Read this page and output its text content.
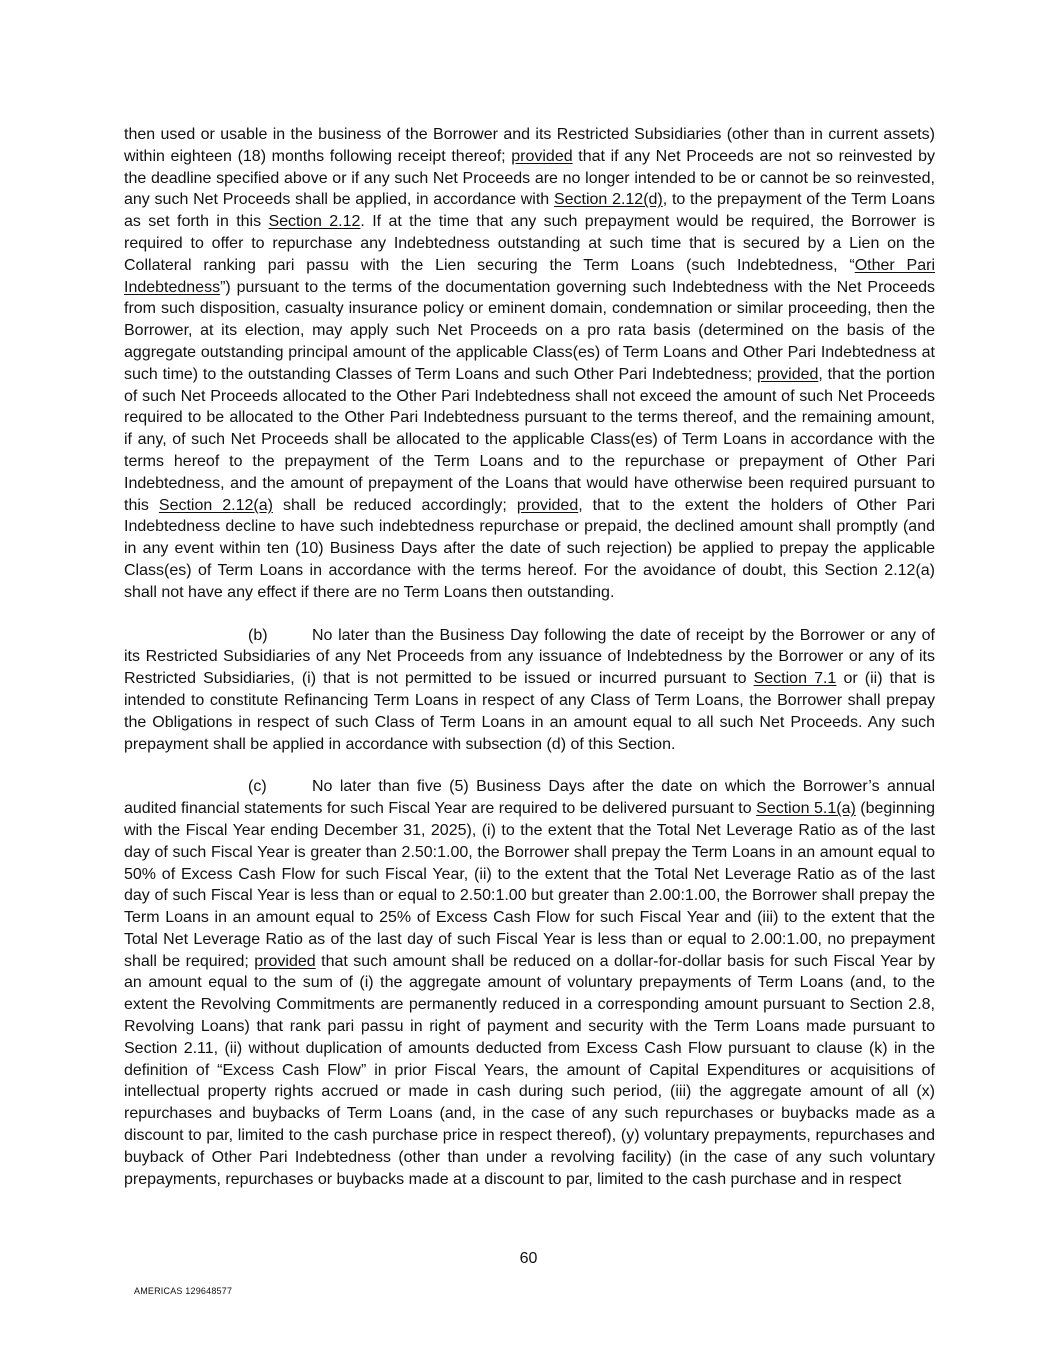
then used or usable in the business of the Borrower and its Restricted Subsidiaries (other than in current assets) within eighteen (18) months following receipt thereof; provided that if any Net Proceeds are not so reinvested by the deadline specified above or if any such Net Proceeds are no longer intended to be or cannot be so reinvested, any such Net Proceeds shall be applied, in accordance with Section 2.12(d), to the prepayment of the Term Loans as set forth in this Section 2.12. If at the time that any such prepayment would be required, the Borrower is required to offer to repurchase any Indebtedness outstanding at such time that is secured by a Lien on the Collateral ranking pari passu with the Lien securing the Term Loans (such Indebtedness, “Other Pari Indebtedness”) pursuant to the terms of the documentation governing such Indebtedness with the Net Proceeds from such disposition, casualty insurance policy or eminent domain, condemnation or similar proceeding, then the Borrower, at its election, may apply such Net Proceeds on a pro rata basis (determined on the basis of the aggregate outstanding principal amount of the applicable Class(es) of Term Loans and Other Pari Indebtedness at such time) to the outstanding Classes of Term Loans and such Other Pari Indebtedness; provided, that the portion of such Net Proceeds allocated to the Other Pari Indebtedness shall not exceed the amount of such Net Proceeds required to be allocated to the Other Pari Indebtedness pursuant to the terms thereof, and the remaining amount, if any, of such Net Proceeds shall be allocated to the applicable Class(es) of Term Loans in accordance with the terms hereof to the prepayment of the Term Loans and to the repurchase or prepayment of Other Pari Indebtedness, and the amount of prepayment of the Loans that would have otherwise been required pursuant to this Section 2.12(a) shall be reduced accordingly; provided, that to the extent the holders of Other Pari Indebtedness decline to have such indebtedness repurchase or prepaid, the declined amount shall promptly (and in any event within ten (10) Business Days after the date of such rejection) be applied to prepay the applicable Class(es) of Term Loans in accordance with the terms hereof. For the avoidance of doubt, this Section 2.12(a) shall not have any effect if there are no Term Loans then outstanding.

(b)	No later than the Business Day following the date of receipt by the Borrower or any of its Restricted Subsidiaries of any Net Proceeds from any issuance of Indebtedness by the Borrower or any of its Restricted Subsidiaries, (i) that is not permitted to be issued or incurred pursuant to Section 7.1 or (ii) that is intended to constitute Refinancing Term Loans in respect of any Class of Term Loans, the Borrower shall prepay the Obligations in respect of such Class of Term Loans in an amount equal to all such Net Proceeds. Any such prepayment shall be applied in accordance with subsection (d) of this Section.

(c)	No later than five (5) Business Days after the date on which the Borrower’s annual audited financial statements for such Fiscal Year are required to be delivered pursuant to Section 5.1(a) (beginning with the Fiscal Year ending December 31, 2025), (i) to the extent that the Total Net Leverage Ratio as of the last day of such Fiscal Year is greater than 2.50:1.00, the Borrower shall prepay the Term Loans in an amount equal to 50% of Excess Cash Flow for such Fiscal Year, (ii) to the extent that the Total Net Leverage Ratio as of the last day of such Fiscal Year is less than or equal to 2.50:1.00 but greater than 2.00:1.00, the Borrower shall prepay the Term Loans in an amount equal to 25% of Excess Cash Flow for such Fiscal Year and (iii) to the extent that the Total Net Leverage Ratio as of the last day of such Fiscal Year is less than or equal to 2.00:1.00, no prepayment shall be required; provided that such amount shall be reduced on a dollar-for-dollar basis for such Fiscal Year by an amount equal to the sum of (i) the aggregate amount of voluntary prepayments of Term Loans (and, to the extent the Revolving Commitments are permanently reduced in a corresponding amount pursuant to Section 2.8, Revolving Loans) that rank pari passu in right of payment and security with the Term Loans made pursuant to Section 2.11, (ii) without duplication of amounts deducted from Excess Cash Flow pursuant to clause (k) in the definition of “Excess Cash Flow” in prior Fiscal Years, the amount of Capital Expenditures or acquisitions of intellectual property rights accrued or made in cash during such period, (iii) the aggregate amount of all (x) repurchases and buybacks of Term Loans (and, in the case of any such repurchases or buybacks made as a discount to par, limited to the cash purchase price in respect thereof), (y) voluntary prepayments, repurchases and buyback of Other Pari Indebtedness (other than under a revolving facility) (in the case of any such voluntary prepayments, repurchases or buybacks made at a discount to par, limited to the cash purchase and in respect

60
AMERICAS 129648577
